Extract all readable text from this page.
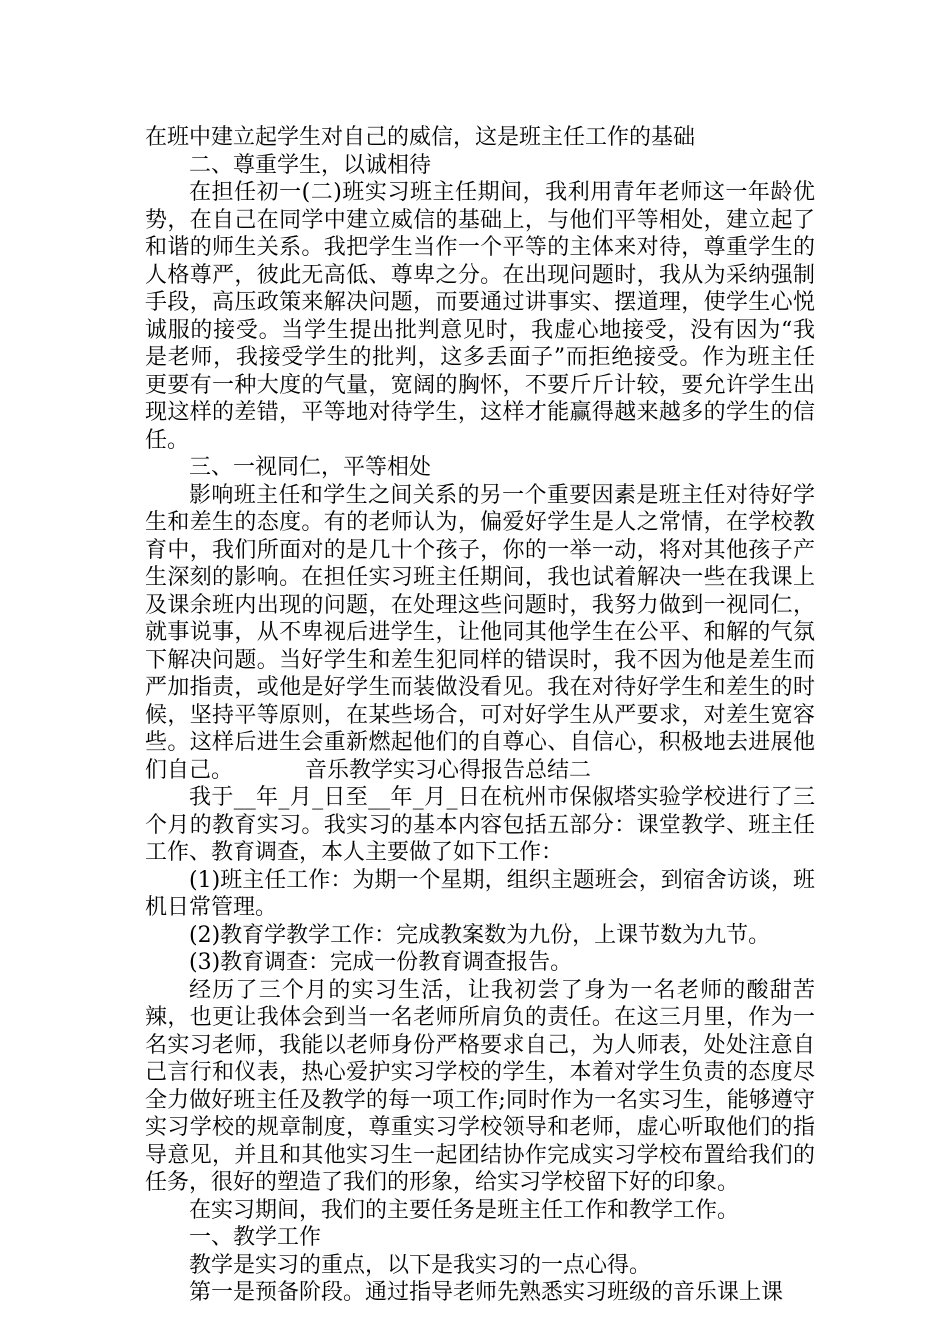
在班中建立起学生对自己的威信，这是班主任工作的基础

二、尊重学生，以诚相待

在担任初一(二)班实习班主任期间，我利用青年老师这一年龄优势，在自己在同学中建立威信的基础上，与他们平等相处，建立起了和谐的师生关系。我把学生当作一个平等的主体来对待，尊重学生的人格尊严，彼此无高低、尊卑之分。在出现问题时，我从为采纳强制手段，高压政策来解决问题，而要通过讲事实、摆道理，使学生心悦诚服的接受。当学生提出批判意见时，我虚心地接受，没有因为“我是老师，我接受学生的批判，这多丢面子”而拒绝接受。作为班主任更要有一种大度的气量，宽阔的胸怀，不要斤斤计较，要允许学生出现这样的差错，平等地对待学生，这样才能赢得越来越多的学生的信任。

三、一视同仁，平等相处

影响班主任和学生之间关系的另一个重要因素是班主任对待好学生和差生的态度。有的老师认为，偏爱好学生是人之常情，在学校教育中，我们所面对的是几十个孩子，你的一举一动，将对其他孩子产生深刻的影响。在担任实习班主任期间，我也试着解决一些在我课上及课余班内出现的问题，在处理这些问题时，我努力做到一视同仁，就事说事，从不卑视后进学生，让他同其他学生在公平、和解的气氛下解决问题。当好学生和差生犯同样的错误时，我不因为他是差生而严加指责，或他是好学生而装做没看见。我在对待好学生和差生的时候，坚持平等原则，在某些场合，可对好学生从严要求，对差生宽容些。这样后进生会重新燃起他们的自尊心、自信心，积极地去进展他们自己。	音乐教学实习心得报告总结二

我于__年_月_日至__年_月_日在杭州市保俶塔实验学校进行了三个月的教育实习。我实习的基本内容包括五部分：课堂教学、班主任工作、教育调查，本人主要做了如下工作：

(1)班主任工作：为期一个星期，组织主题班会，到宿舍访谈，班机日常管理。

(2)教育学教学工作：完成教案数为九份，上课节数为九节。

(3)教育调查：完成一份教育调查报告。

经历了三个月的实习生活，让我初尝了身为一名老师的酸甜苦辣，也更让我体会到当一名老师所肩负的责任。在这三月里，作为一名实习老师，我能以老师身份严格要求自己，为人师表，处处注意自己言行和仪表，热心爱护实习学校的学生，本着对学生负责的态度尽全力做好班主任及教学的每一项工作;同时作为一名实习生，能够遵守实习学校的规章制度，尊重实习学校领导和老师，虚心听取他们的指导意见，并且和其他实习生一起团结协作完成实习学校布置给我们的任务，很好的塑造了我们的形象，给实习学校留下好的印象。

在实习期间，我们的主要任务是班主任工作和教学工作。

一、教学工作

教学是实习的重点，以下是我实习的一点心得。

第一是预备阶段。通过指导老师先熟悉实习班级的音乐课上课
